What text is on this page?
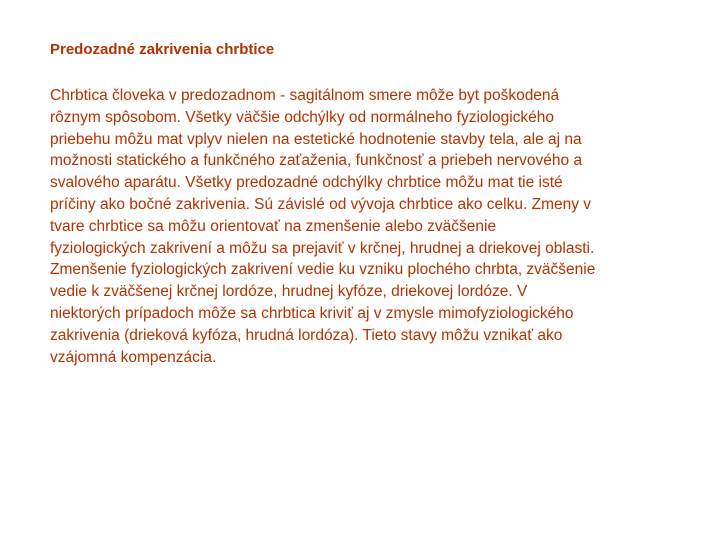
Predozadné zakrivenia chrbtice
Chrbtica človeka v predozadnom - sagitálnom smere môže byt poškodená
rôznym spôsobom. Všetky väčšie odchýlky od normálneho fyziologického
priebehu môžu mat vplyv nielen na estetické hodnotenie stavby tela, ale aj na
možnosti statického a funkčného zaťaženia, funkčnosť a priebeh nervového a
svalového aparátu. Všetky predozadné odchýlky chrbtice môžu mat tie isté
príčiny ako bočné zakrivenia. Sú závislé od vývoja chrbtice ako celku. Zmeny v
tvare chrbtice sa môžu orientovať na zmenšenie alebo zväčšenie
fyziologických zakrivení a môžu sa prejaviť v krčnej, hrudnej a driekovej oblasti.
Zmenšenie fyziologických zakrivení vedie ku vzniku plochého chrbta, zväčšenie
vedie k zväčšenej krčnej lordóze, hrudnej kyfóze, driekovej lordóze. V
niektorých prípadoch môže sa chrbtica kriviť aj v zmysle mimofyziologického
zakrivenia (drieková kyfóza, hrudná lordóza). Tieto stavy môžu vznikať ako
vzájomná kompenzácia.
